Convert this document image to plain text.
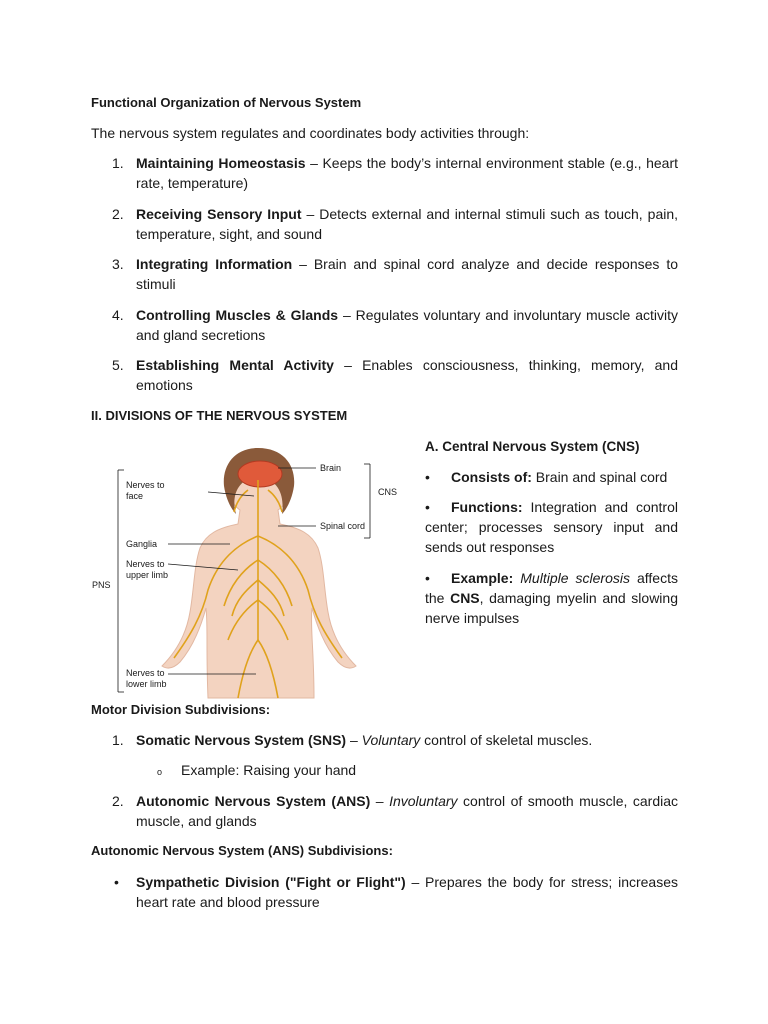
Functional Organization of Nervous System
The nervous system regulates and coordinates body activities through:
1. Maintaining Homeostasis – Keeps the body’s internal environment stable (e.g., heart rate, temperature)
2. Receiving Sensory Input – Detects external and internal stimuli such as touch, pain, temperature, sight, and sound
3. Integrating Information – Brain and spinal cord analyze and decide responses to stimuli
4. Controlling Muscles & Glands – Regulates voluntary and involuntary muscle activity and gland secretions
5. Establishing Mental Activity – Enables consciousness, thinking, memory, and emotions
II. DIVISIONS OF THE NERVOUS SYSTEM
Brain
CNS
Spinal cord
Nerves to
face
Ganglia
Nerves to
upper limb
PNS
Nerves to
lower limb
A. Central Nervous System (CNS)
• Consists of: Brain and spinal cord
• Functions: Integration and control center; processes sensory input and sends out responses
• Example: Multiple sclerosis affects the CNS, damaging myelin and slowing nerve impulses
Motor Division Subdivisions:
1. Somatic Nervous System (SNS) – Voluntary control of skeletal muscles.
o Example: Raising your hand
2. Autonomic Nervous System (ANS) – Involuntary control of smooth muscle, cardiac muscle, and glands
Autonomic Nervous System (ANS) Subdivisions:
• Sympathetic Division ("Fight or Flight") – Prepares the body for stress; increases heart rate and blood pressure
